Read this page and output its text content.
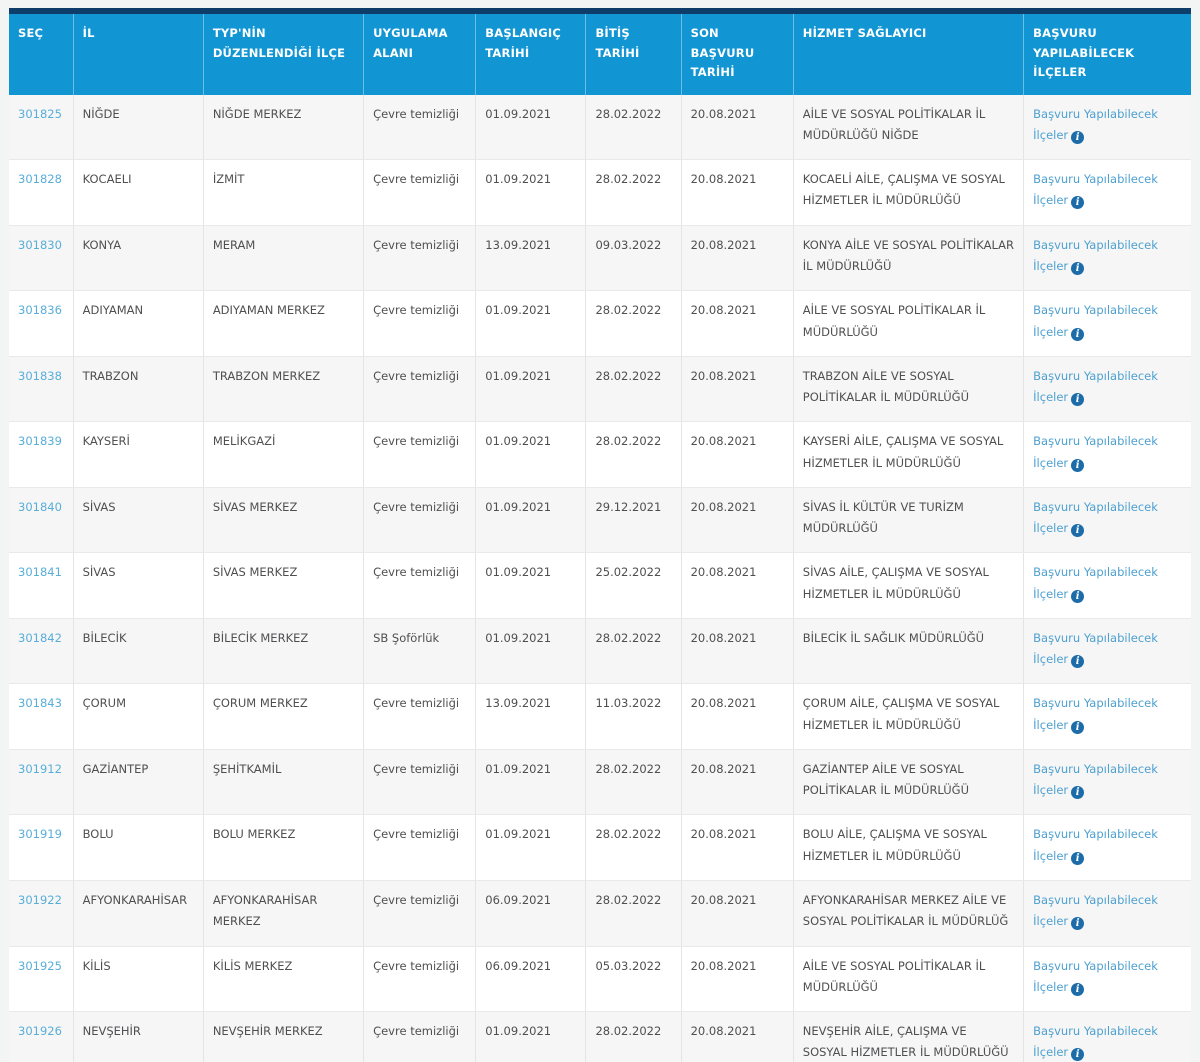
SEÇ	İL	TYP'NİN DÜZENLENDİĞİ İLÇE	UYGULAMA ALANI	BAŞLANGIÇ TARİHİ	BİTİŞ TARİHİ	SON BAŞVURU TARİHİ	HİZMET SAĞLAYICI	BAŞVURU YAPILABİLECEK İLÇELER
301825	NİĞDE	NİĞDE MERKEZ	Çevre temizliği	01.09.2021	28.02.2022	20.08.2021	AİLE VE SOSYAL POLİTİKALAR İL MÜDÜRLÜĞÜ NİĞDE	Başvuru Yapılabilecek İlçeler i
301828	KOCAELI	İZMİT	Çevre temizliği	01.09.2021	28.02.2022	20.08.2021	KOCAELİ AİLE, ÇALIŞMA VE SOSYAL HİZMETLER İL MÜDÜRLÜĞÜ	Başvuru Yapılabilecek İlçeler i
301830	KONYA	MERAM	Çevre temizliği	13.09.2021	09.03.2022	20.08.2021	KONYA AİLE VE SOSYAL POLİTİKALAR İL MÜDÜRLÜĞÜ	Başvuru Yapılabilecek İlçeler i
301836	ADIYAMAN	ADIYAMAN MERKEZ	Çevre temizliği	01.09.2021	28.02.2022	20.08.2021	AİLE VE SOSYAL POLİTİKALAR İL MÜDÜRLÜĞÜ	Başvuru Yapılabilecek İlçeler i
301838	TRABZON	TRABZON MERKEZ	Çevre temizliği	01.09.2021	28.02.2022	20.08.2021	TRABZON AİLE VE SOSYAL POLİTİKALAR İL MÜDÜRLÜĞÜ	Başvuru Yapılabilecek İlçeler i
301839	KAYSERİ	MELİKGAZİ	Çevre temizliği	01.09.2021	28.02.2022	20.08.2021	KAYSERİ AİLE, ÇALIŞMA VE SOSYAL HİZMETLER İL MÜDÜRLÜĞÜ	Başvuru Yapılabilecek İlçeler i
301840	SİVAS	SİVAS MERKEZ	Çevre temizliği	01.09.2021	29.12.2021	20.08.2021	SİVAS İL KÜLTÜR VE TURİZM MÜDÜRLÜĞÜ	Başvuru Yapılabilecek İlçeler i
301841	SİVAS	SİVAS MERKEZ	Çevre temizliği	01.09.2021	25.02.2022	20.08.2021	SİVAS AİLE, ÇALIŞMA VE SOSYAL HİZMETLER İL MÜDÜRLÜĞÜ	Başvuru Yapılabilecek İlçeler i
301842	BİLECİK	BİLECİK MERKEZ	SB Şoförlük	01.09.2021	28.02.2022	20.08.2021	BİLECİK İL SAĞLIK MÜDÜRLÜĞÜ	Başvuru Yapılabilecek İlçeler i
301843	ÇORUM	ÇORUM MERKEZ	Çevre temizliği	13.09.2021	11.03.2022	20.08.2021	ÇORUM AİLE, ÇALIŞMA VE SOSYAL HİZMETLER İL MÜDÜRLÜĞÜ	Başvuru Yapılabilecek İlçeler i
301912	GAZİANTEP	ŞEHİTKAMİL	Çevre temizliği	01.09.2021	28.02.2022	20.08.2021	GAZİANTEP AİLE VE SOSYAL POLİTİKALAR İL MÜDÜRLÜĞÜ	Başvuru Yapılabilecek İlçeler i
301919	BOLU	BOLU MERKEZ	Çevre temizliği	01.09.2021	28.02.2022	20.08.2021	BOLU AİLE, ÇALIŞMA VE SOSYAL HİZMETLER İL MÜDÜRLÜĞÜ	Başvuru Yapılabilecek İlçeler i
301922	AFYONKARAHİSAR	AFYONKARAHİSAR MERKEZ	Çevre temizliği	06.09.2021	28.02.2022	20.08.2021	AFYONKARAHİSAR MERKEZ AİLE VE SOSYAL POLİTİKALAR İL MÜDÜRLÜĞ	Başvuru Yapılabilecek İlçeler i
301925	KİLİS	KİLİS MERKEZ	Çevre temizliği	06.09.2021	05.03.2022	20.08.2021	AİLE VE SOSYAL POLİTİKALAR İL MÜDÜRLÜĞÜ	Başvuru Yapılabilecek İlçeler i
301926	NEVŞEHİR	NEVŞEHİR MERKEZ	Çevre temizliği	01.09.2021	28.02.2022	20.08.2021	NEVŞEHİR AİLE, ÇALIŞMA VE SOSYAL HİZMETLER İL MÜDÜRLÜĞÜ	Başvuru Yapılabilecek İlçeler i
